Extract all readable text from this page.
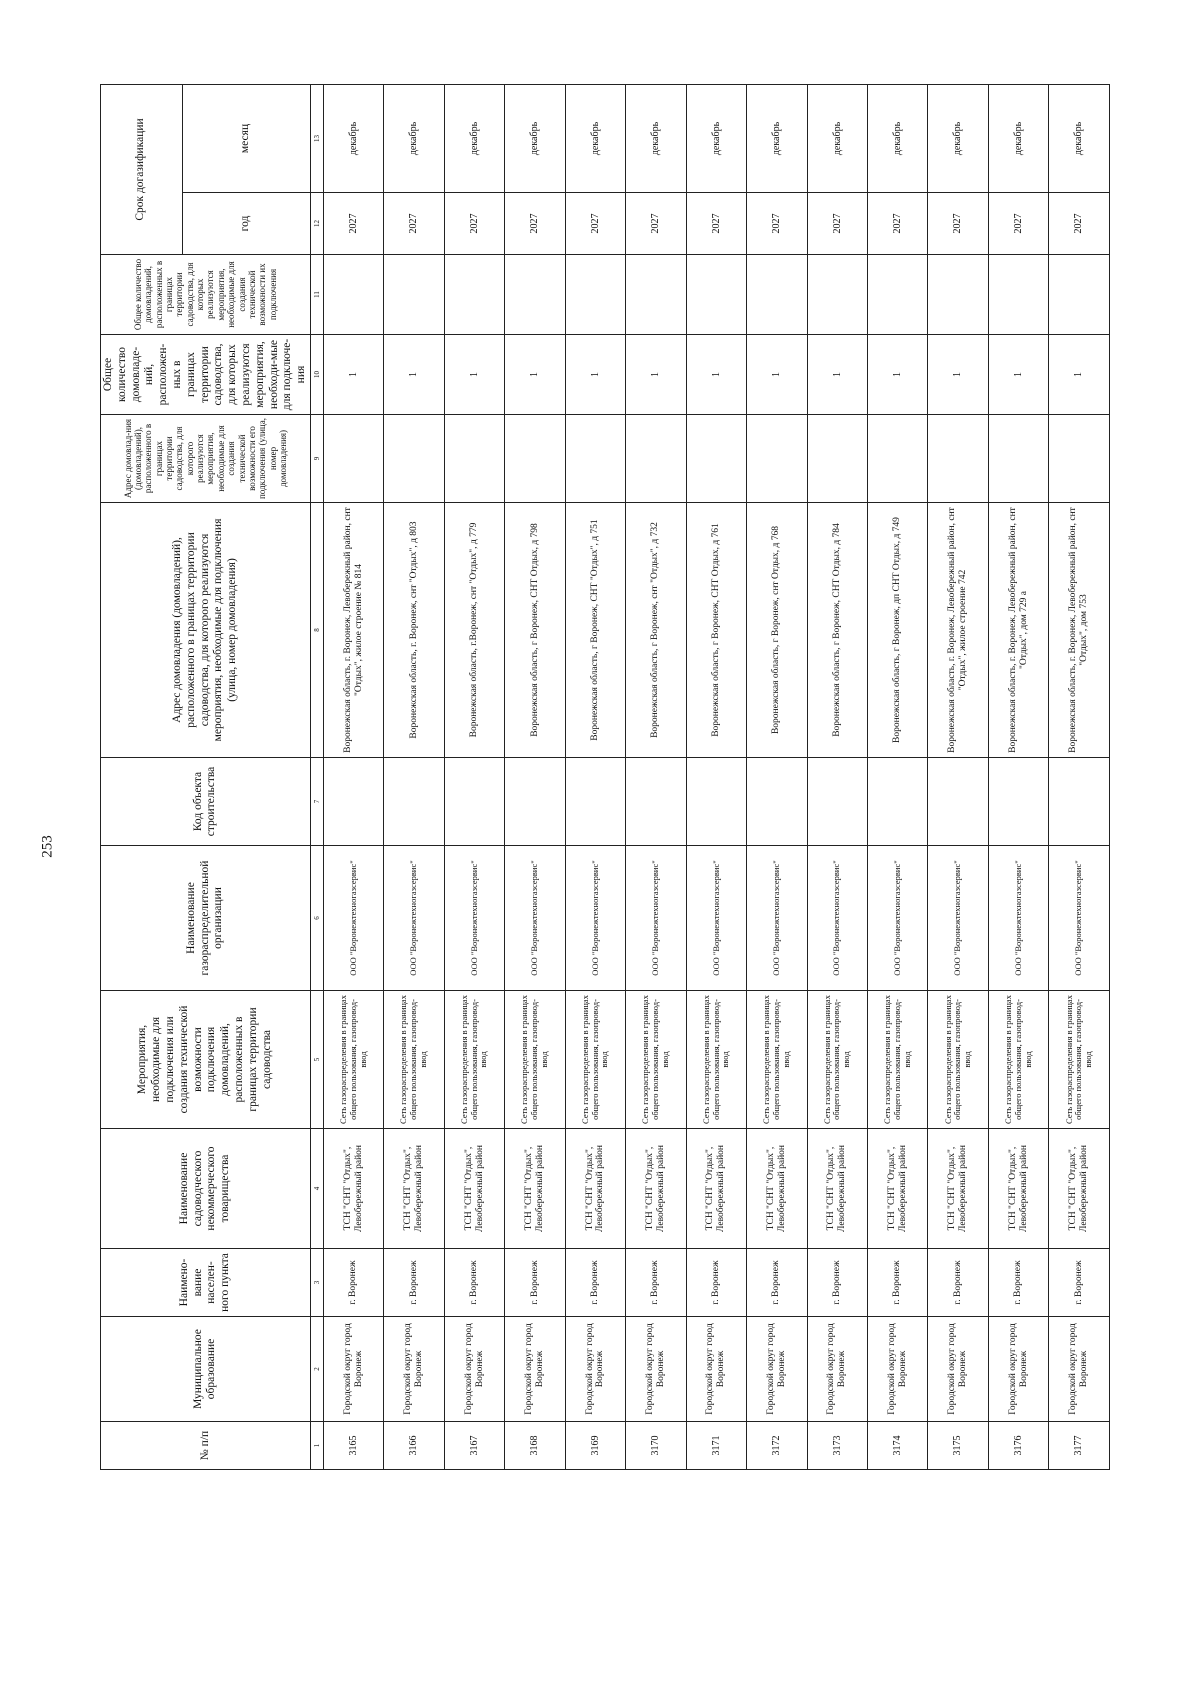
253
№ п/п	Муниципальное образование	Наимено-вание населен-ного пункта	Наименование садоводческого некоммерческого товарищества	Мероприятия, необходимые для подключения или создания технической возможности подключения домовладений, расположенных в границах территории садоводства	Наименование газораспределительной организации	Код объекта строительства	Адрес домовладения (домовладений), расположенного в границах территории садоводства, для которого реализуются мероприятия, необходимые для подключения (улица, номер домовладения)	Адрес домовлад-ния (домовладений), расположенного в границах территории садоводства, для которого реализуются мероприятия, необходимые для создания технической возможности его подключения (улица, номер домовладения)	Общее количество домовладе-ний, расположен-ных в границах территории садоводства, для которых реализуются мероприятия, необходи-мые для подключе-ния	Общее количество домовладений, расположенных в границах территории садоводства, для которых реализуются мероприятия, необходимые для создания технической возможности их подключения	Срок догазификации	
											год	месяц
1	2	3	4	5	6	7	8	9	10	11	12	13
3165	Городской округ город Воронеж	г. Воронеж	ТСН "СНТ "Отдых", Левобережный район	Сеть газораспределения в границах общего пользования, газопровод-ввод	ООО "Воронежтехногазсервис"		Воронежская область, г. Воронеж, Левобережный район, снт "Отдых", жилое строение № 814		1		2027	декабрь
3166	Городской округ город Воронеж	г. Воронеж	ТСН "СНТ "Отдых", Левобережный район	Сеть газораспределения в границах общего пользования, газопровод-ввод	ООО "Воронежтехногазсервис"		Воронежская область, г. Воронеж, снт "Отдых", д 803		1		2027	декабрь
3167	Городской округ город Воронеж	г. Воронеж	ТСН "СНТ "Отдых", Левобережный район	Сеть газораспределения в границах общего пользования, газопровод-ввод	ООО "Воронежтехногазсервис"		Воронежская область, г.Воронеж, снт "Отдых", д 779		1		2027	декабрь
3168	Городской округ город Воронеж	г. Воронеж	ТСН "СНТ "Отдых", Левобережный район	Сеть газораспределения в границах общего пользования, газопровод-ввод	ООО "Воронежтехногазсервис"		Воронежская область, г Воронеж, СНТ Отдых, д 798		1		2027	декабрь
3169	Городской округ город Воронеж	г. Воронеж	ТСН "СНТ "Отдых", Левобережный район	Сеть газораспределения в границах общего пользования, газопровод-ввод	ООО "Воронежтехногазсервис"		Воронежская область, г Воронеж, СНТ "Отдых", д 751		1		2027	декабрь
3170	Городской округ город Воронеж	г. Воронеж	ТСН "СНТ "Отдых", Левобережный район	Сеть газораспределения в границах общего пользования, газопровод-ввод	ООО "Воронежтехногазсервис"		Воронежская область, г Воронеж, снт "Отдых", д 732		1		2027	декабрь
3171	Городской округ город Воронеж	г. Воронеж	ТСН "СНТ "Отдых", Левобережный район	Сеть газораспределения в границах общего пользования, газопровод-ввод	ООО "Воронежтехногазсервис"		Воронежская область, г Воронеж, СНТ Отдых, д 761		1		2027	декабрь
3172	Городской округ город Воронеж	г. Воронеж	ТСН "СНТ "Отдых", Левобережный район	Сеть газораспределения в границах общего пользования, газопровод-ввод	ООО "Воронежтехногазсервис"		Воронежская область, г Воронеж, снт Отдых, д 768		1		2027	декабрь
3173	Городской округ город Воронеж	г. Воронеж	ТСН "СНТ "Отдых", Левобережный район	Сеть газораспределения в границах общего пользования, газопровод-ввод	ООО "Воронежтехногазсервис"		Воронежская область, г Воронеж, СНТ Отдых, д 784		1		2027	декабрь
3174	Городской округ город Воронеж	г. Воронеж	ТСН "СНТ "Отдых", Левобережный район	Сеть газораспределения в границах общего пользования, газопровод-ввод	ООО "Воронежтехногазсервис"		Воронежская область, г Воронеж, дп СНТ Отдых, д 749		1		2027	декабрь
3175	Городской округ город Воронеж	г. Воронеж	ТСН "СНТ "Отдых", Левобережный район	Сеть газораспределения в границах общего пользования, газопровод-ввод	ООО "Воронежтехногазсервис"		Воронежская область, г. Воронеж, Левобережный район, снт "Отдых", жилое строение 742		1		2027	декабрь
3176	Городской округ город Воронеж	г. Воронеж	ТСН "СНТ "Отдых", Левобережный район	Сеть газораспределения в границах общего пользования, газопровод-ввод	ООО "Воронежтехногазсервис"		Воронежская область, г. Воронеж, Левобережный район, снт "Отдых", дом 729 а		1		2027	декабрь
3177	Городской округ город Воронеж	г. Воронеж	ТСН "СНТ "Отдых", Левобережный район	Сеть газораспределения в границах общего пользования, газопровод-ввод	ООО "Воронежтехногазсервис"		Воронежская область, г. Воронеж, Левобережный район, снт "Отдых", дом 753		1		2027	декабрь
